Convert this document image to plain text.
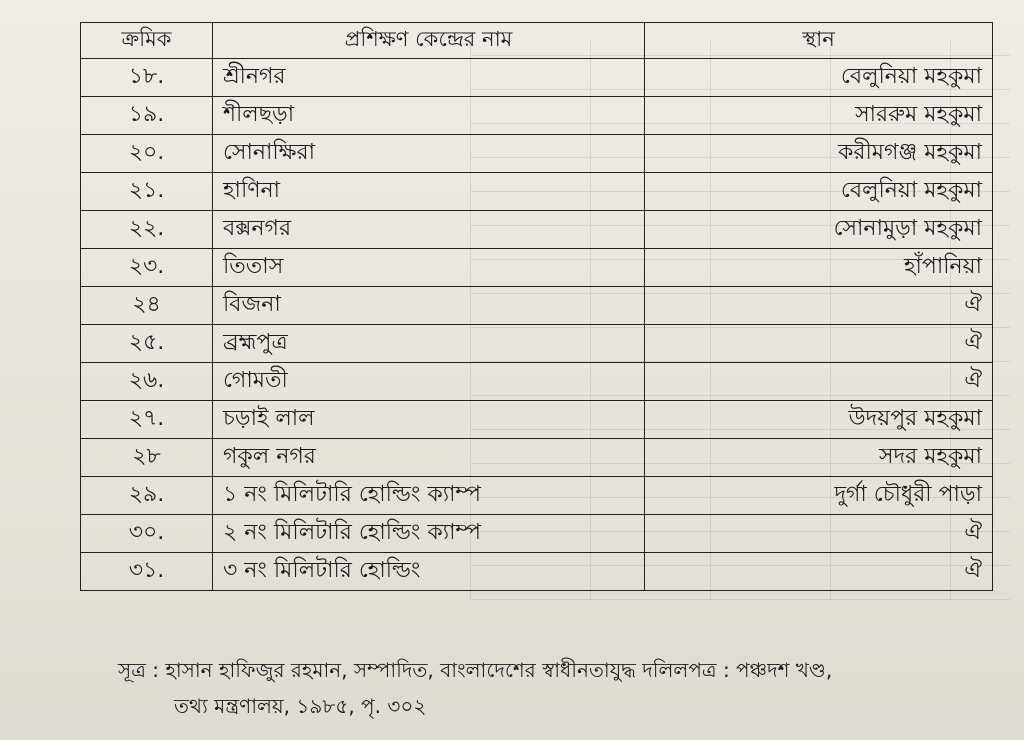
ক্রমিক	প্রশিক্ষণ কেন্দ্রের নাম	স্থান
১৮.	শ্রীনগর	বেলুনিয়া মহকুমা
১৯.	শীলছড়া	সাররুম মহকুমা
২০.	সোনাক্ষিরা	করীমগঞ্জ মহকুমা
২১.	হাণিনা	বেলুনিয়া মহকুমা
২২.	বক্সনগর	সোনামুড়া মহকুমা
২৩.	তিতাস	হাঁপানিয়া
২৪	বিজনা	ঐ
২৫.	ব্রহ্মপুত্র	ঐ
২৬.	গোমতী	ঐ
২৭.	চড়াই লাল	উদয়পুর মহকুমা
২৮	গকুল নগর	সদর মহকুমা
২৯.	১ নং মিলিটারি হোল্ডিং ক্যাম্প	দুর্গা চৌধুরী পাড়া
৩০.	২ নং মিলিটারি হোল্ডিং ক্যাম্প	ঐ
৩১.	৩ নং মিলিটারি হোল্ডিং	ঐ
সূত্র : হাসান হাফিজুর রহমান, সম্পাদিত, বাংলাদেশের স্বাধীনতাযুদ্ধ দলিলপত্র : পঞ্চদশ খণ্ড,
তথ্য মন্ত্রণালয়, ১৯৮৫, পৃ. ৩০২
